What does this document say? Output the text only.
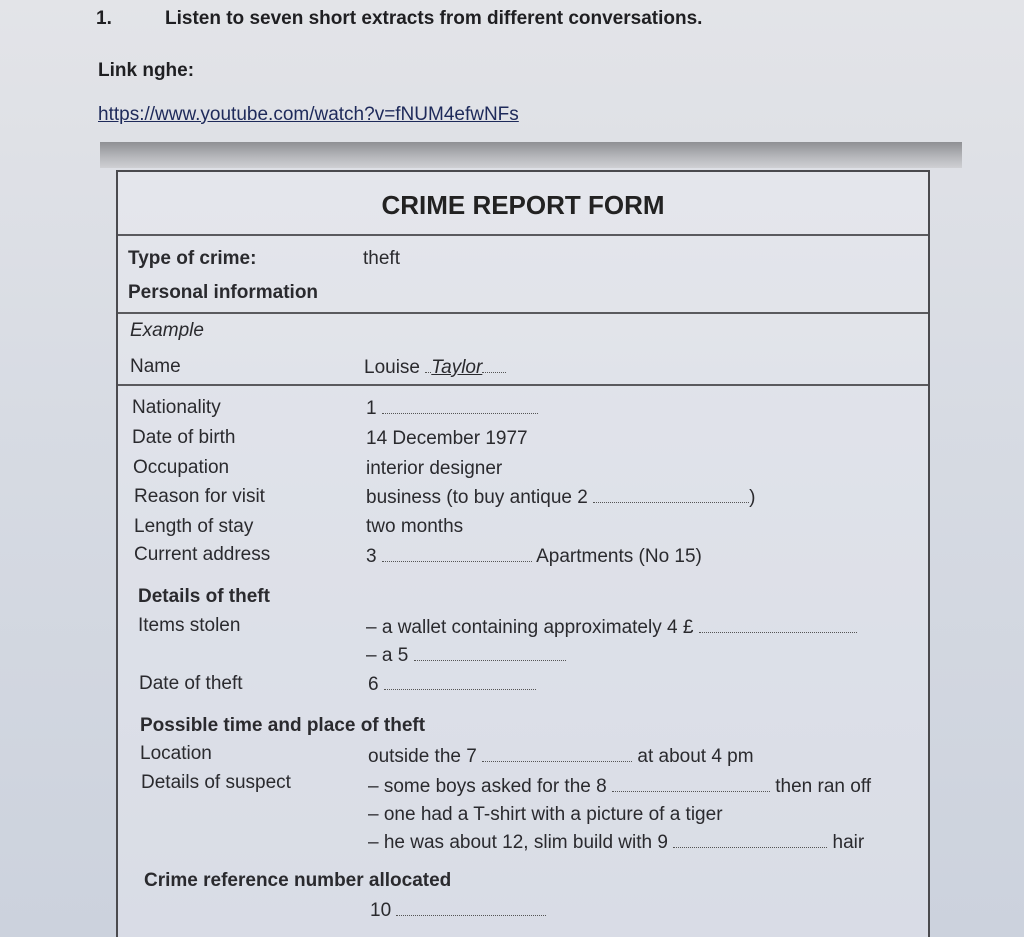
1.	Listen to seven short extracts from different conversations.
Link nghe:
https://www.youtube.com/watch?v=fNUM4efwNFs
CRIME REPORT FORM
Type of crime:	theft
Personal information
Example
Name	Louise Taylor
Nationality	1
Date of birth	14 December 1977
Occupation	interior designer
Reason for visit	business (to buy antique 2	)
Length of stay	two months
Current address	3	Apartments (No 15)
Details of theft
Items stolen	– a wallet containing approximately 4 £
– a 5
Date of theft	6
Possible time and place of theft
Location	outside the 7	at about 4 pm
Details of suspect	– some boys asked for the 8	then ran off
– one had a T-shirt with a picture of a tiger
– he was about 12, slim build with 9	hair
Crime reference number allocated
10
